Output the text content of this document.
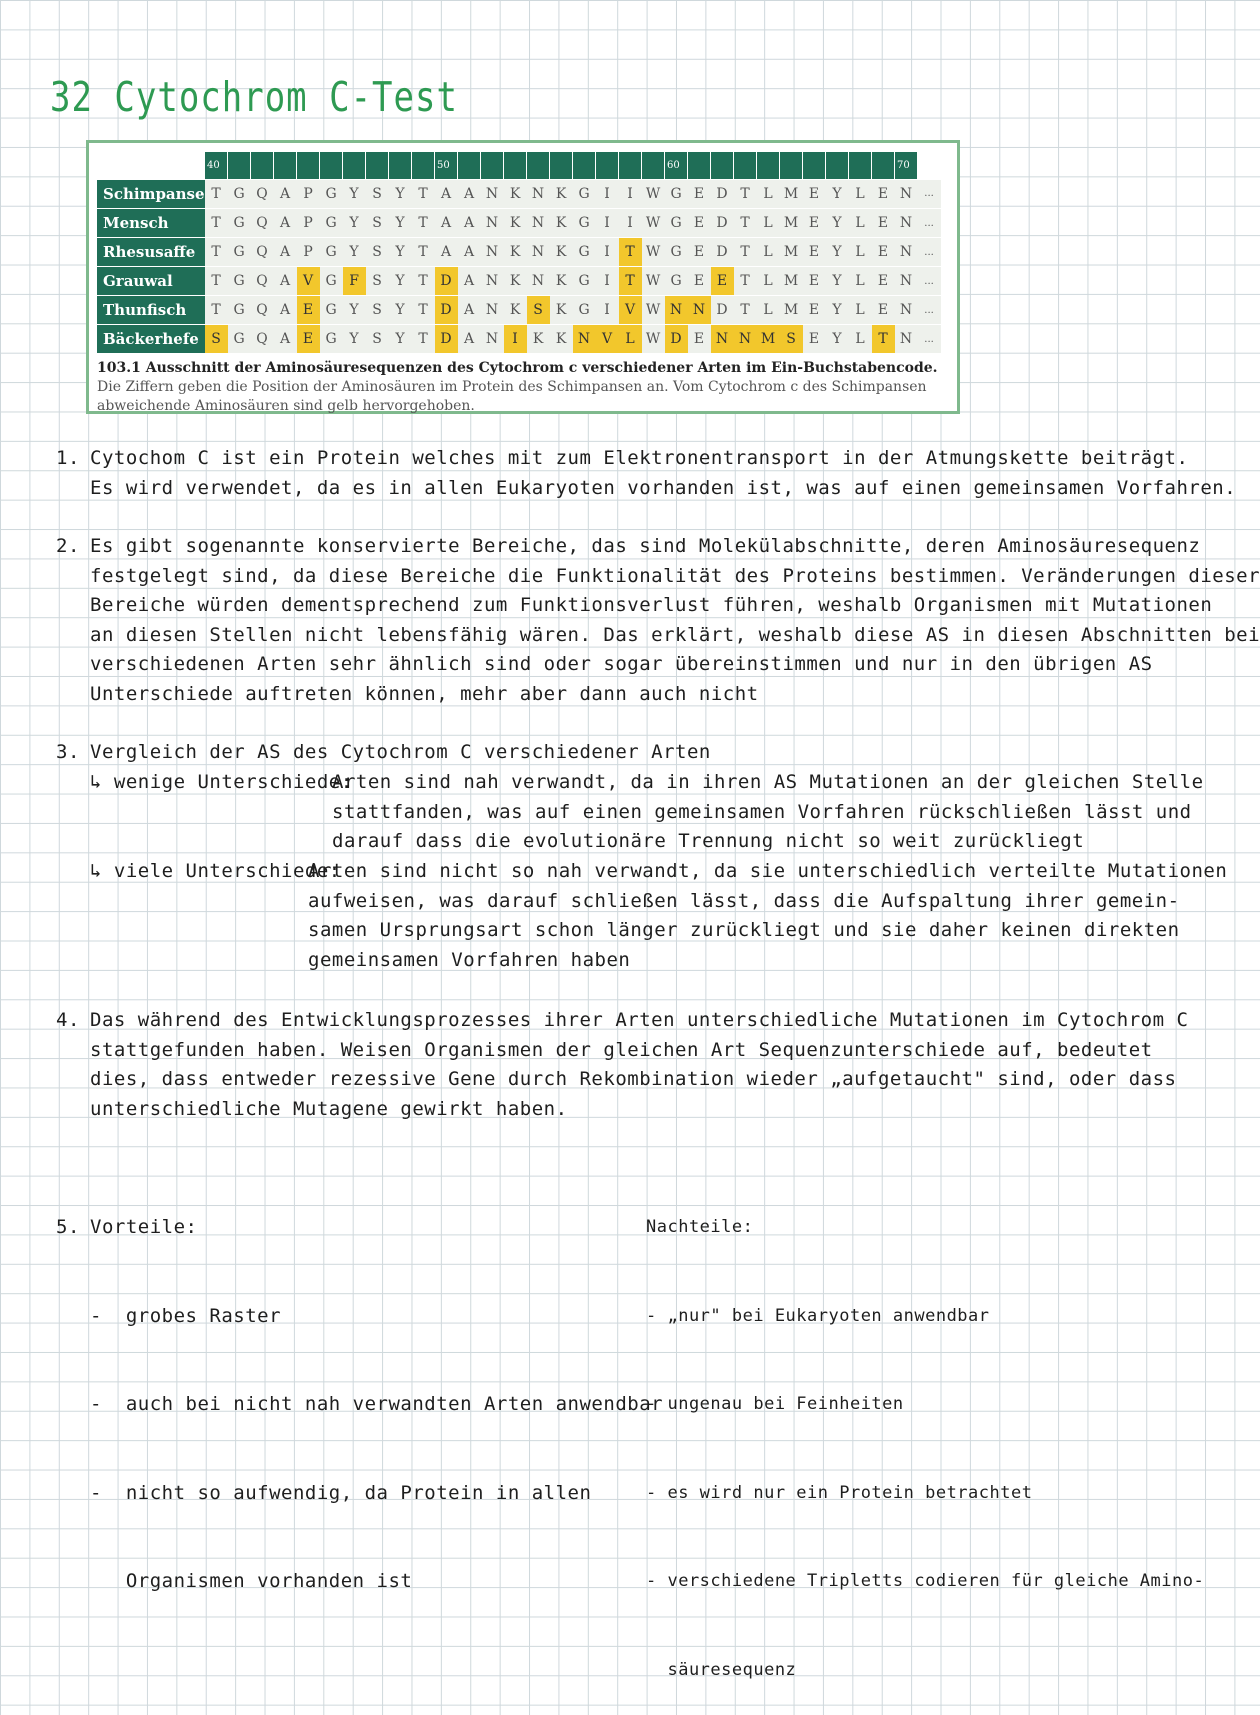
32 Cytochrom C-Test
	40										50										60										70	
Schimpanse	T	G	Q	A	P	G	Y	S	Y	T	A	A	N	K	N	K	G	I	I	W	G	E	D	T	L	M	E	Y	L	E	N	...
Mensch	T	G	Q	A	P	G	Y	S	Y	T	A	A	N	K	N	K	G	I	I	W	G	E	D	T	L	M	E	Y	L	E	N	...
Rhesusaffe	T	G	Q	A	P	G	Y	S	Y	T	A	A	N	K	N	K	G	I	T	W	G	E	D	T	L	M	E	Y	L	E	N	...
Grauwal	T	G	Q	A	V	G	F	S	Y	T	D	A	N	K	N	K	G	I	T	W	G	E	E	T	L	M	E	Y	L	E	N	...
Thunfisch	T	G	Q	A	E	G	Y	S	Y	T	D	A	N	K	S	K	G	I	V	W	N	N	D	T	L	M	E	Y	L	E	N	...
Bäckerhefe	S	G	Q	A	E	G	Y	S	Y	T	D	A	N	I	K	K	N	V	L	W	D	E	N	N	M	S	E	Y	L	T	N	...
103.1 Ausschnitt der Aminosäuresequenzen des Cytochrom c verschiedener Arten im Ein-Buchstabencode.
Die Ziffern geben die Position der Aminosäuren im Protein des Schimpansen an. Vom Cytochrom c des Schimpansen abweichende Aminosäuren sind gelb hervorgehoben.
1. Cytochom C ist ein Protein welches mit zum Elektronentransport in der Atmungskette beiträgt.
Es wird verwendet, da es in allen Eukaryoten vorhanden ist, was auf einen gemeinsamen Vorfahren.
2. Es gibt sogenannte konservierte Bereiche, das sind Molekülabschnitte, deren Aminosäuresequenz
festgelegt sind, da diese Bereiche die Funktionalität des Proteins bestimmen. Veränderungen dieser
Bereiche würden dementsprechend zum Funktionsverlust führen, weshalb Organismen mit Mutationen
an diesen Stellen nicht lebensfähig wären. Das erklärt, weshalb diese AS in diesen Abschnitten bei
verschiedenen Arten sehr ähnlich sind oder sogar übereinstimmen und nur in den übrigen AS
Unterschiede auftreten können, mehr aber dann auch nicht
3. Vergleich der AS des Cytochrom C verschiedener Arten
↳ wenige Unterschiede:
Arten sind nah verwandt, da in ihren AS Mutationen an der gleichen Stelle
stattfanden, was auf einen gemeinsamen Vorfahren rückschließen lässt und
darauf dass die evolutionäre Trennung nicht so weit zurückliegt
↳ viele Unterschiede:
Arten sind nicht so nah verwandt, da sie unterschiedlich verteilte Mutationen
aufweisen, was darauf schließen lässt, dass die Aufspaltung ihrer gemein-
samen Ursprungsart schon länger zurückliegt und sie daher keinen direkten
gemeinsamen Vorfahren haben
4. Das während des Entwicklungsprozesses ihrer Arten unterschiedliche Mutationen im Cytochrom C
stattgefunden haben. Weisen Organismen der gleichen Art Sequenzunterschiede auf, bedeutet
dies, dass entweder rezessive Gene durch Rekombination wieder „aufgetaucht" sind, oder dass
unterschiedliche Mutagene gewirkt haben.

5. Vorteile:

-  grobes Raster

-  auch bei nicht nah verwandten Arten anwendbar

-  nicht so aufwendig, da Protein in allen

Organismen vorhanden ist

Nachteile:

- „nur" bei Eukaryoten anwendbar

- ungenau bei Feinheiten

- es wird nur ein Protein betrachtet

- verschiedene Tripletts codieren für gleiche Amino-

säuresequenz
